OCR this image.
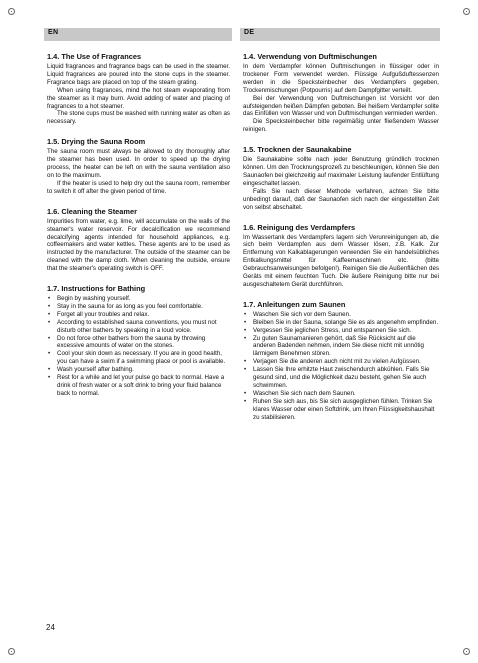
EN	DE
1.4. The Use of Fragrances

Liquid fragrances and fragrance bags can be used in the steamer. Liquid fragrances are poured into the stone cups in the steamer. Fragrance bags are placed on top of the steam grating.

When using fragrances, mind the hot steam evaporating from the steamer as it may burn. Avoid adding of water and placing of fragrances to a hot steamer.

The stone cups must be washed with running water as often as necessary.

1.5. Drying the Sauna Room

The sauna room must always be allowed to dry thoroughly after the steamer has been used. In order to speed up the drying process, the heater can be left on with the sauna ventilation also on to the maximum.

If the heater is used to help dry out the sauna room, remember to switch it off after the given period of time.

1.6. Cleaning the Steamer

Impurities from water, e.g. lime, will accumulate on the walls of the steamer's water reservoir. For decalcification we recommend decalcifying agents intended for household appliances, e.g. coffeemakers and water kettles. These agents are to be used as instructed by the manufacturer. The outside of the steamer can be cleaned with the damp cloth. When cleaning the outside, ensure that the steamer's operating switch is OFF.

1.7. Instructions for Bathing
• Begin by washing yourself.
• Stay in the sauna for as long as you feel comfortable.
• Forget all your troubles and relax.
• According to established sauna conventions, you must not disturb other bathers by speaking in a loud voice.
• Do not force other bathers from the sauna by throwing excessive amounts of water on the stones.
• Cool your skin down as necessary. If you are in good health, you can have a swim if a swimming place or pool is available.
• Wash yourself after bathing.
• Rest for a while and let your pulse go back to normal. Have a drink of fresh water or a soft drink to bring your fluid balance back to normal.
1.4. Verwendung von Duftmischungen

In dem Verdampfer können Duftmischungen in flüssiger oder in trockener Form verwendet werden. Flüssige Aufgußduftessenzen werden in die Specksteinbecher des Verdampfers gegeben, Trockenmischungen (Potpourris) auf dem Dampfgitter verteilt.

Bei der Verwendung von Duftmischungen ist Vorsicht vor den aufsteigenden heißen Dämpfen geboten. Bei heißem Verdampfer sollte das Einfüllen von Wasser und von Duftmischungen vermieden werden.

Die Specksteinbecher bitte regelmäßig unter fließendem Wasser reinigen.

1.5. Trocknen der Saunakabine

Die Saunakabine sollte nach jeder Benutzung gründlich trocknen können. Um den Trocknungsprozeß zu beschleunigen, können Sie den Saunaofen bei gleichzeitig auf maximaler Leistung laufender Entlüftung eingeschaltet lassen.

Falls Sie nach dieser Methode verfahren, achten Sie bitte unbedingt darauf, daß der Saunaofen sich nach der eingestellten Zeit von selbst abschaltet.

1.6. Reinigung des Verdampfers

Im Wassertank des Verdampfers lagern sich Verunreinigungen ab, die sich beim Verdampfen aus dem Wasser lösen, z.B. Kalk. Zur Entfernung von Kalkablagerungen verwenden Sie ein handelsübliches Entkalkungsmittel für Kaffeemaschinen etc. (bitte Gebrauchsanweisungen befolgen!). Reinigen Sie die Außenflächen des Geräts mit einem feuchten Tuch. Die äußere Reinigung bitte nur bei ausgeschaltetem Gerät durchführen.

1.7. Anleitungen zum Saunen
• Waschen Sie sich vor dem Saunen.
• Bleiben Sie in der Sauna, solange Sie es als angenehm empfinden.
• Vergessen Sie jeglichen Stress, und entspannen Sie sich.
• Zu guten Saunamanieren gehört, daß Sie Rücksicht auf die anderen Badenden nehmen, indem Sie diese nicht mit unnötig lärmigem Benehmen stören.
• Verjagen Sie die anderen auch nicht mit zu vielen Aufgüssen.
• Lassen Sie Ihre erhitzte Haut zwischendurch abkühlen. Falls Sie gesund sind, und die Möglichkeit dazu besteht, gehen Sie auch schwimmen.
• Waschen Sie sich nach dem Saunen.
• Ruhen Sie sich aus, bis Sie sich ausgeglichen fühlen. Trinken Sie klares Wasser oder einen Softdrink, um Ihren Flüssigkeitshaushalt zu stabilisieren.
24
